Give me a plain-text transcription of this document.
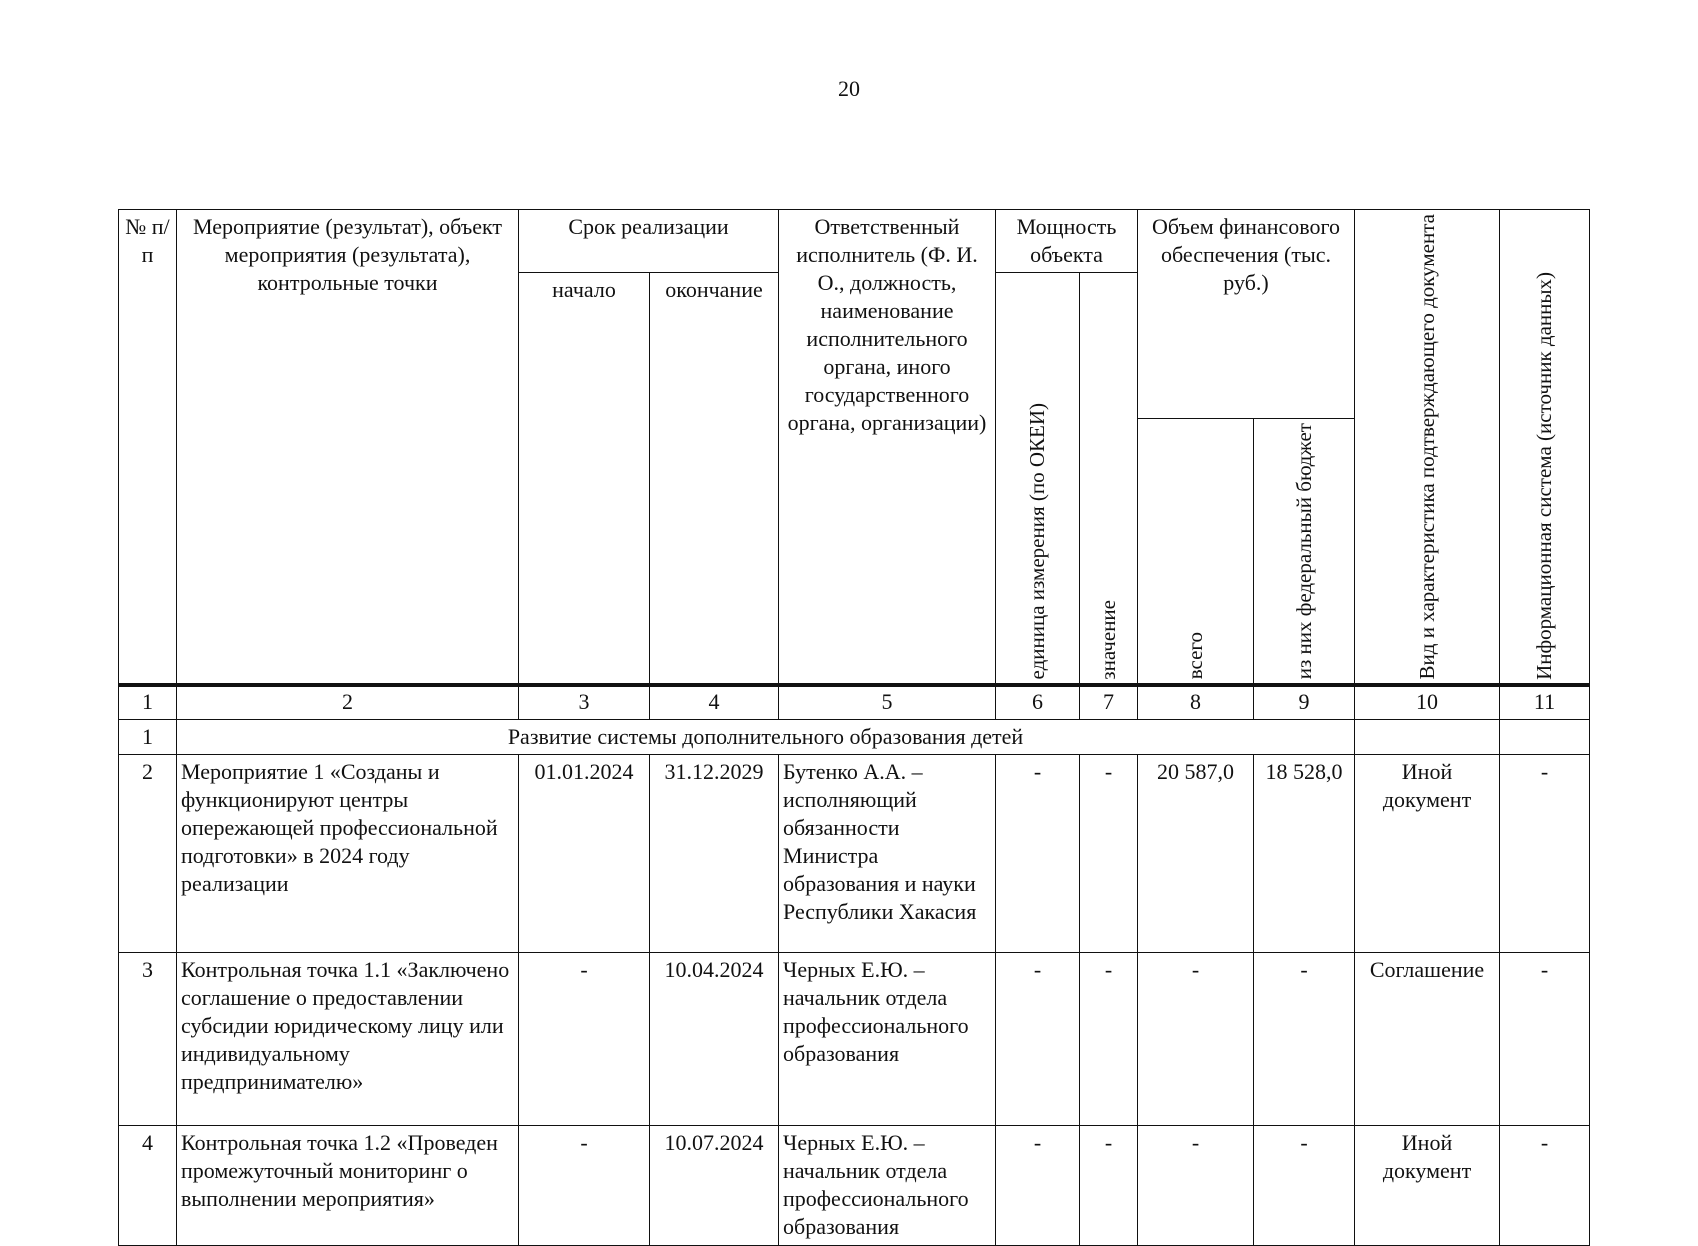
20
№ п/п	Мероприятие (результат), объект мероприятия (результата), контрольные точки	Срок реализации		Ответственный исполнитель (Ф. И. О., должность, наименование исполнительного органа, иного государственного органа, организации)	Мощность объекта		Объем финансового обеспечения (тыс. руб.)		Вид и характеристика подтверждающего документа	Информационная система (источник данных)

		начало	окончание		единица измерения (по ОКЕИ)	значение				

							всего	из них федеральный бюджет		

1	2	3	4	5	6	7	8	9	10	11
1	Развитие системы дополнительного образования детей									
2	Мероприятие 1 «Созданы и функционируют центры опережающей профессиональной подготовки» в 2024 году реализации	01.01.2024	31.12.2029	Бутенко А.А. – исполняющий обязанности Министра образования и науки Республики Хакасия	-	-	20 587,0	18 528,0	Иной документ	-
3	Контрольная точка 1.1 «Заключено соглашение о предоставлении субсидии юридическому лицу или индивидуальному предпринимателю»	-	10.04.2024	Черных Е.Ю. – начальник отдела профессионального образования	-	-	-	-	Соглашение	-
4	Контрольная точка 1.2 «Проведен промежуточный мониторинг о выполнении мероприятия»	-	10.07.2024	Черных Е.Ю. – начальник отдела профессионального образования	-	-	-	-	Иной документ	-
